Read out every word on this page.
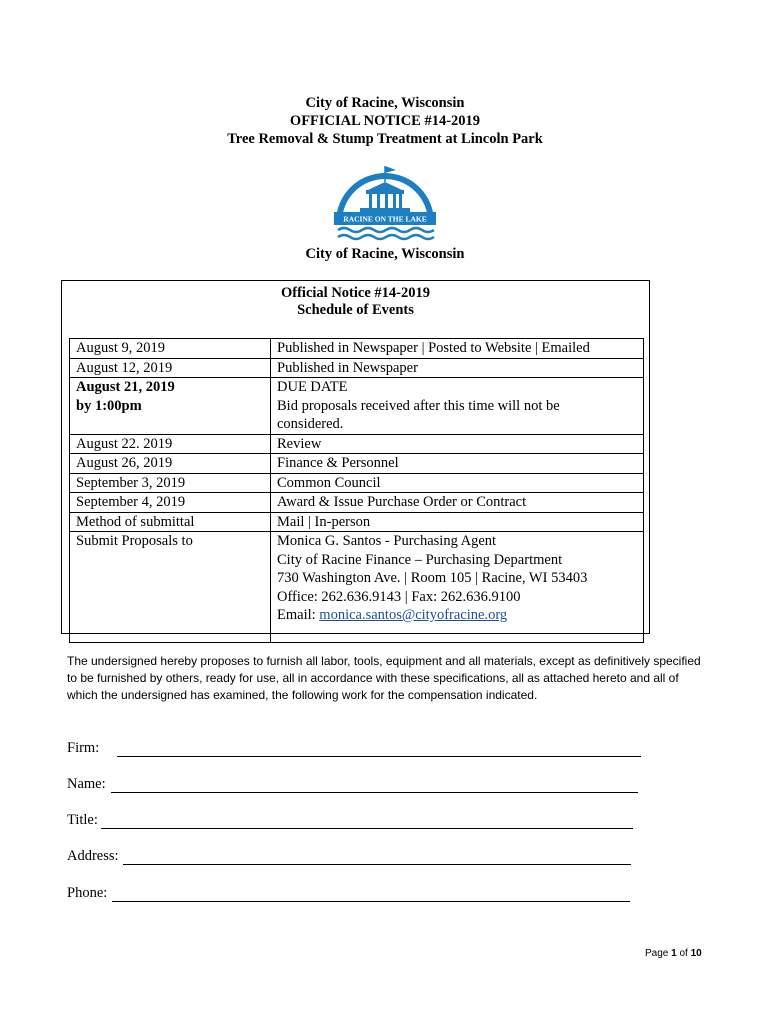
City of Racine, Wisconsin
OFFICIAL NOTICE #14-2019
Tree Removal & Stump Treatment at Lincoln Park
RACINE ON THE LAKE
City of Racine, Wisconsin
Official Notice #14-2019
Schedule of Events
August 9, 2019	Published in Newspaper | Posted to Website | Emailed
August 12, 2019	Published in Newspaper

August 21, 2019
by 1:00pm	DUE DATE
Bid proposals received after this time will not be
considered.

August 22. 2019	Review
August 26, 2019	Finance & Personnel
September 3, 2019	Common Council
September 4, 2019	Award & Issue Purchase Order or Contract
Method of submittal	Mail | In-person
Submit Proposals to	Monica G. Santos - Purchasing Agent
City of Racine Finance – Purchasing Department
730 Washington Ave. | Room 105 | Racine, WI 53403
Office: 262.636.9143 | Fax: 262.636.9100
Email: monica.santos@cityofracine.org
The undersigned hereby proposes to furnish all labor, tools, equipment and all materials, except as definitively specified to be furnished by others, ready for use, all in accordance with these specifications, all as attached hereto and all of which the undersigned has examined, the following work for the compensation indicated.
Firm:
Name:
Title:
Address:
Phone:
Page 1 of 10
